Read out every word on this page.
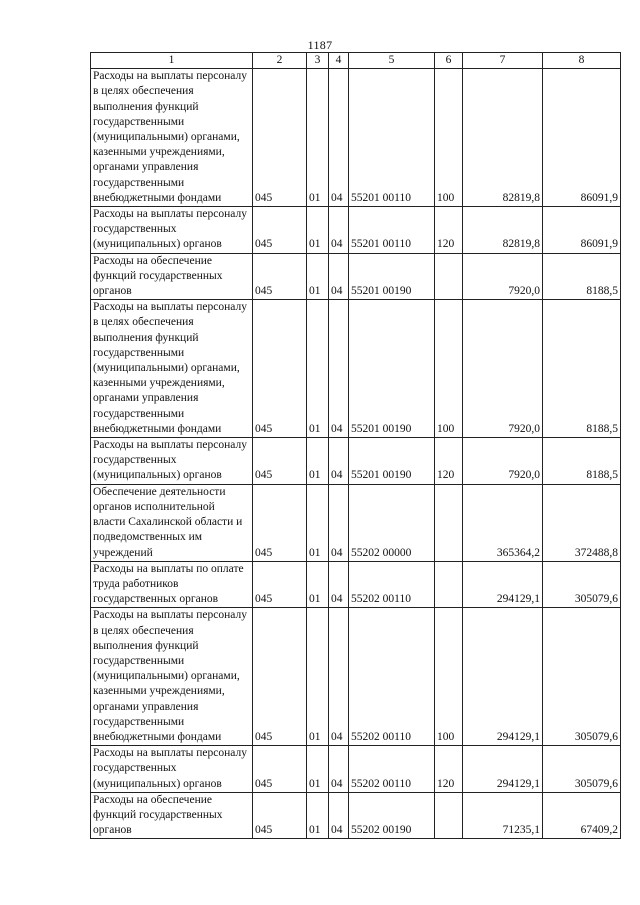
1187
1	2	3	4	5	6	7	8
Расходы на выплаты персоналу в целях обеспечения выполнения функций государственными (муниципальными) органами, казенными учреждениями, органами управления государственными внебюджетными фондами	045	01	04	55201 00110	100	82819,8	86091,9
Расходы на выплаты персоналу государственных (муниципальных) органов	045	01	04	55201 00110	120	82819,8	86091,9
Расходы на обеспечение функций государственных органов	045	01	04	55201 00190		7920,0	8188,5
Расходы на выплаты персоналу в целях обеспечения выполнения функций государственными (муниципальными) органами, казенными учреждениями, органами управления государственными внебюджетными фондами	045	01	04	55201 00190	100	7920,0	8188,5
Расходы на выплаты персоналу государственных (муниципальных) органов	045	01	04	55201 00190	120	7920,0	8188,5
Обеспечение деятельности органов исполнительной власти Сахалинской области и подведомственных им учреждений	045	01	04	55202 00000		365364,2	372488,8
Расходы на выплаты по оплате труда работников государственных органов	045	01	04	55202 00110		294129,1	305079,6
Расходы на выплаты персоналу в целях обеспечения выполнения функций государственными (муниципальными) органами, казенными учреждениями, органами управления государственными внебюджетными фондами	045	01	04	55202 00110	100	294129,1	305079,6
Расходы на выплаты персоналу государственных (муниципальных) органов	045	01	04	55202 00110	120	294129,1	305079,6
Расходы на обеспечение функций государственных органов	045	01	04	55202 00190		71235,1	67409,2
